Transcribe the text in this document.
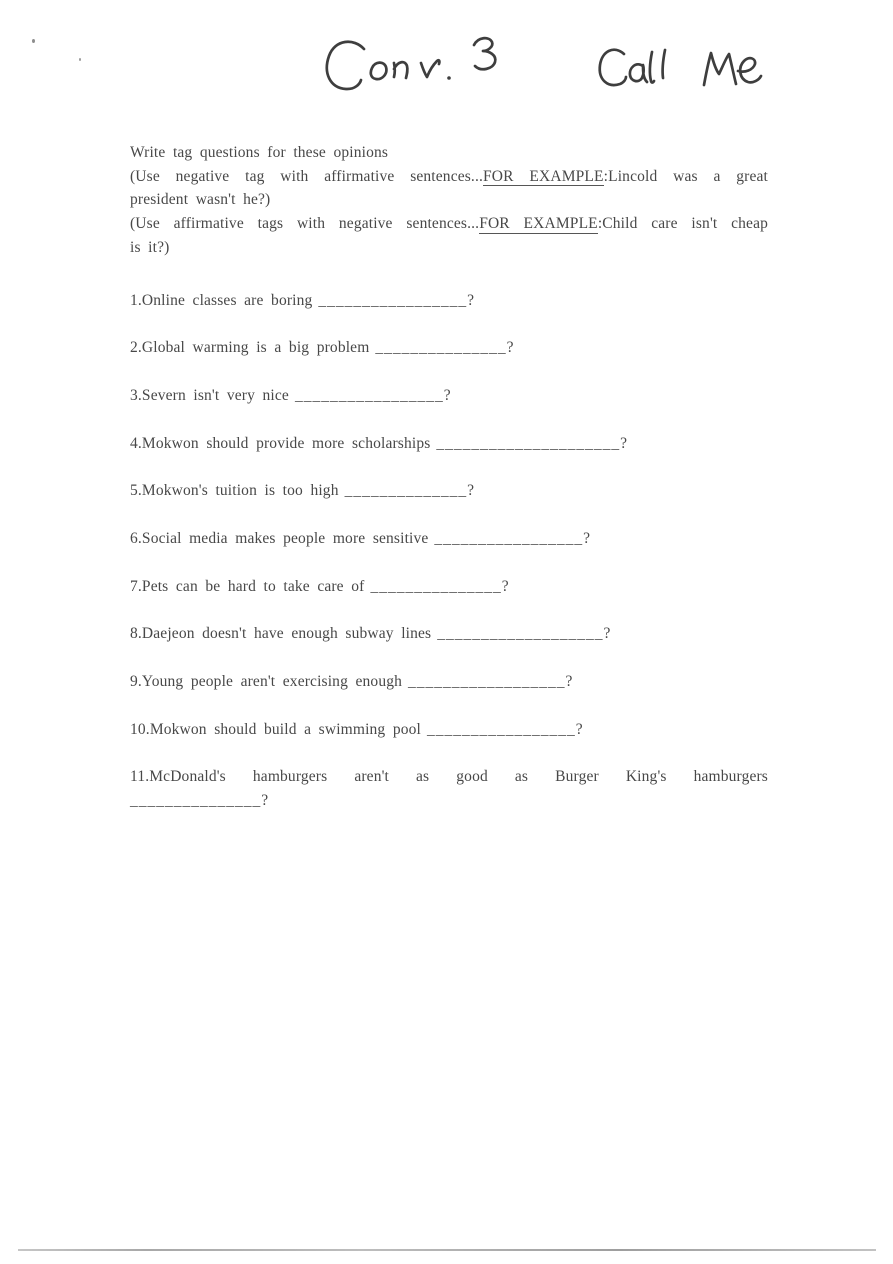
Write tag questions for these opinions
(Use negative tag with affirmative sentences...FOR EXAMPLE:Lincold was a great
president wasn't he?)
(Use affirmative tags with negative sentences...FOR EXAMPLE:Child care isn't cheap
is it?)
1.Online classes are boring _________________?
2.Global warming is a big problem _______________?
3.Severn isn't very nice _________________?
4.Mokwon should provide more scholarships _____________________?
5.Mokwon's tuition is too high ______________?
6.Social media makes people more sensitive _________________?
7.Pets can be hard to take care of _______________?
8.Daejeon doesn't have enough subway lines ___________________?
9.Young people aren't exercising enough __________________?
10.Mokwon should build a swimming pool _________________?
11.McDonald's hamburgers aren't as good as Burger King's hamburgers
_______________?
